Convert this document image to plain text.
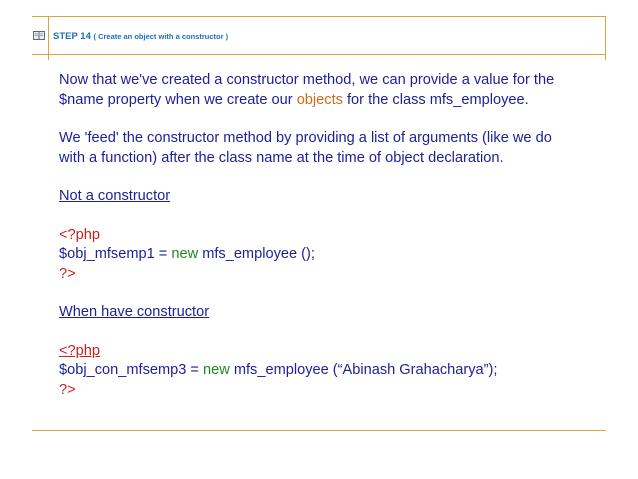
STEP 14 ( Create an object with a constructor )

Now that we've created a constructor method, we can provide a value for the $name property when we create our objects for the class mfs_employee.

We 'feed' the constructor method by providing a list of arguments (like we do with a function) after the class name at the time of object declaration.

Not a constructor

<?php

$obj_mfsemp1 = new mfs_employee ();

?>

When have constructor

<?php

$obj_con_mfsemp3 = new mfs_employee (“Abinash Grahacharya”);

?>
